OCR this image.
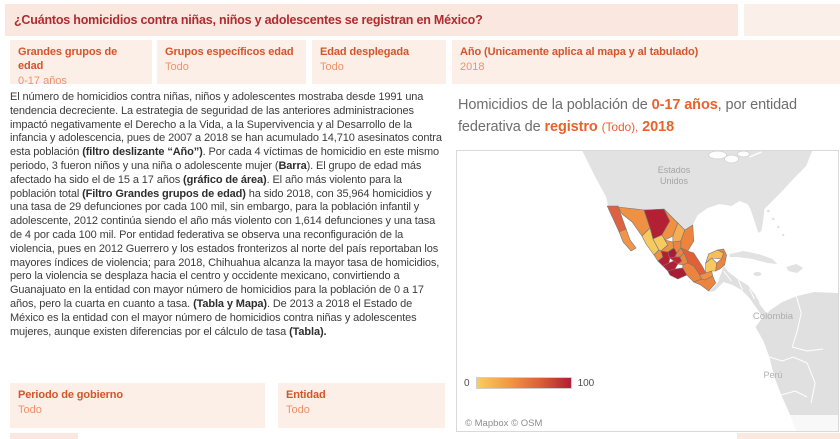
¿Cuántos homicidios contra niñas, niños y adolescentes se registran en México?
Grandes grupos de edad
0-17 años
Grupos específicos edad
Todo
Edad desplegada
Todo
Año (Unicamente aplica al mapa y al tabulado)
2018
El número de homicidios contra niñas, niños y adolescentes mostraba desde 1991 una tendencia decreciente. La estrategia de seguridad de las anteriores administraciones impactó negativamente el Derecho a la Vida, a la Supervivencia y al Desarrollo de la infancia y adolescencia, pues de 2007 a 2018 se han acumulado 14,710 asesinatos contra esta población (filtro deslizante “Año”). Por cada 4 víctimas de homicidio en este mismo periodo, 3 fueron niños y una niña o adolescente mujer (Barra). El grupo de edad más afectado ha sido el de 15 a 17 años (gráfico de área). El año más violento para la población total (Filtro Grandes grupos de edad) ha sido 2018, con 35,964 homicidios y una tasa de 29 defunciones por cada 100 mil, sin embargo, para la población infantil y adolescente, 2012 continúa siendo el año más violento con 1,614 defunciones y una tasa de 4 por cada 100 mil. Por entidad federativa se observa una reconfiguración de la violencia, pues en 2012 Guerrero y los estados fronterizos al norte del país reportaban los mayores índices de violencia; para 2018, Chihuahua alcanza la mayor tasa de homicidios, pero la violencia se desplaza hacia el centro y occidente mexicano, convirtiendo a Guanajuato en la entidad con mayor número de homicidios para la población de 0 a 17 años, pero la cuarta en cuanto a tasa. (Tabla y Mapa). De 2013 a 2018 el Estado de México es la entidad con el mayor número de homicidios contra niñas y adolescentes mujeres, aunque existen diferencias por el cálculo de tasa (Tabla).
Periodo de gobierno
Todo
Entidad
Todo
Homicidios de la población de 0-17 años, por entidad federativa de registro (Todo), 2018
Estados Unidos
Colombia
Perú
0	100
© Mapbox © OSM
